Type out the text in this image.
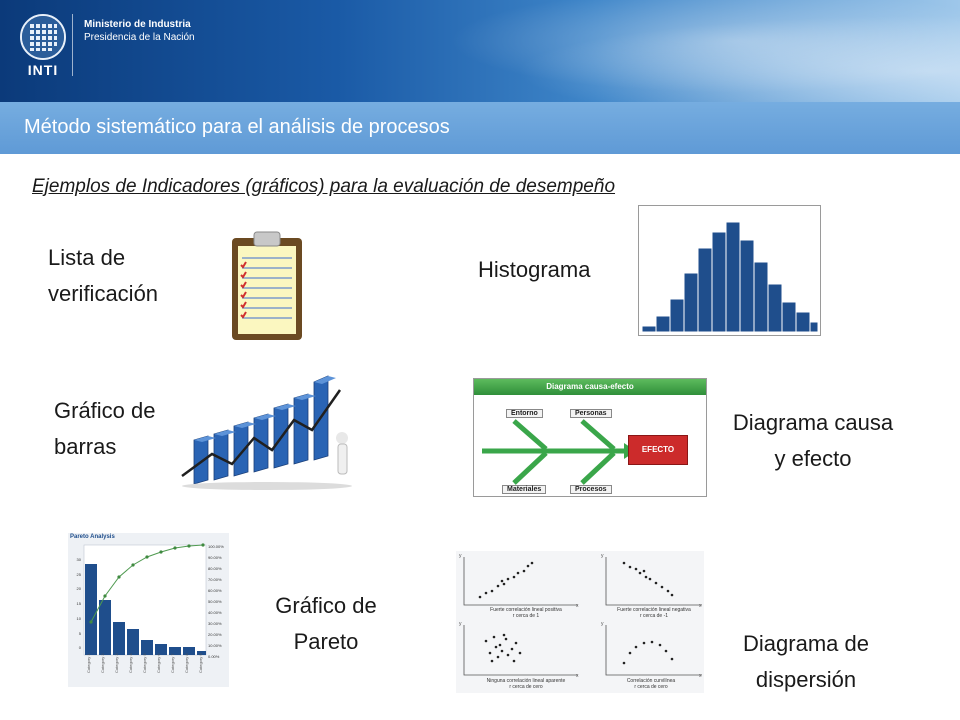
INTI
Ministerio de Industria
Presidencia de la Nación
Método sistemático para el análisis de procesos
Ejemplos de Indicadores (gráficos) para la evaluación de desempeño
Lista de
verificación
Histograma
Gráfico de
barras
Diagrama causa
y efecto
Diagrama causa-efecto
Entorno	Personas
Materiales	Procesos
EFECTO
Gráfico de
Pareto
Pareto Analysis
30
25
20
15
10
5
0
100.00%
90.00%
80.00%
70.00%
60.00%
50.00%
40.00%
30.00%
20.00%
10.00%
0.00%
Category 1 Category 2 Category 3 Category 4 Category 5 Category 6 Category 7 Category 8 Category 9
Diagrama de
dispersión
y
x
y
x
y
x
y
x
Fuerte correlación lineal positiva
r cerca de 1
Fuerte correlación lineal negativa
r cerca de -1
Ninguna correlación lineal aparente
r cerca de cero
Correlación curvilínea
r cerca de cero
